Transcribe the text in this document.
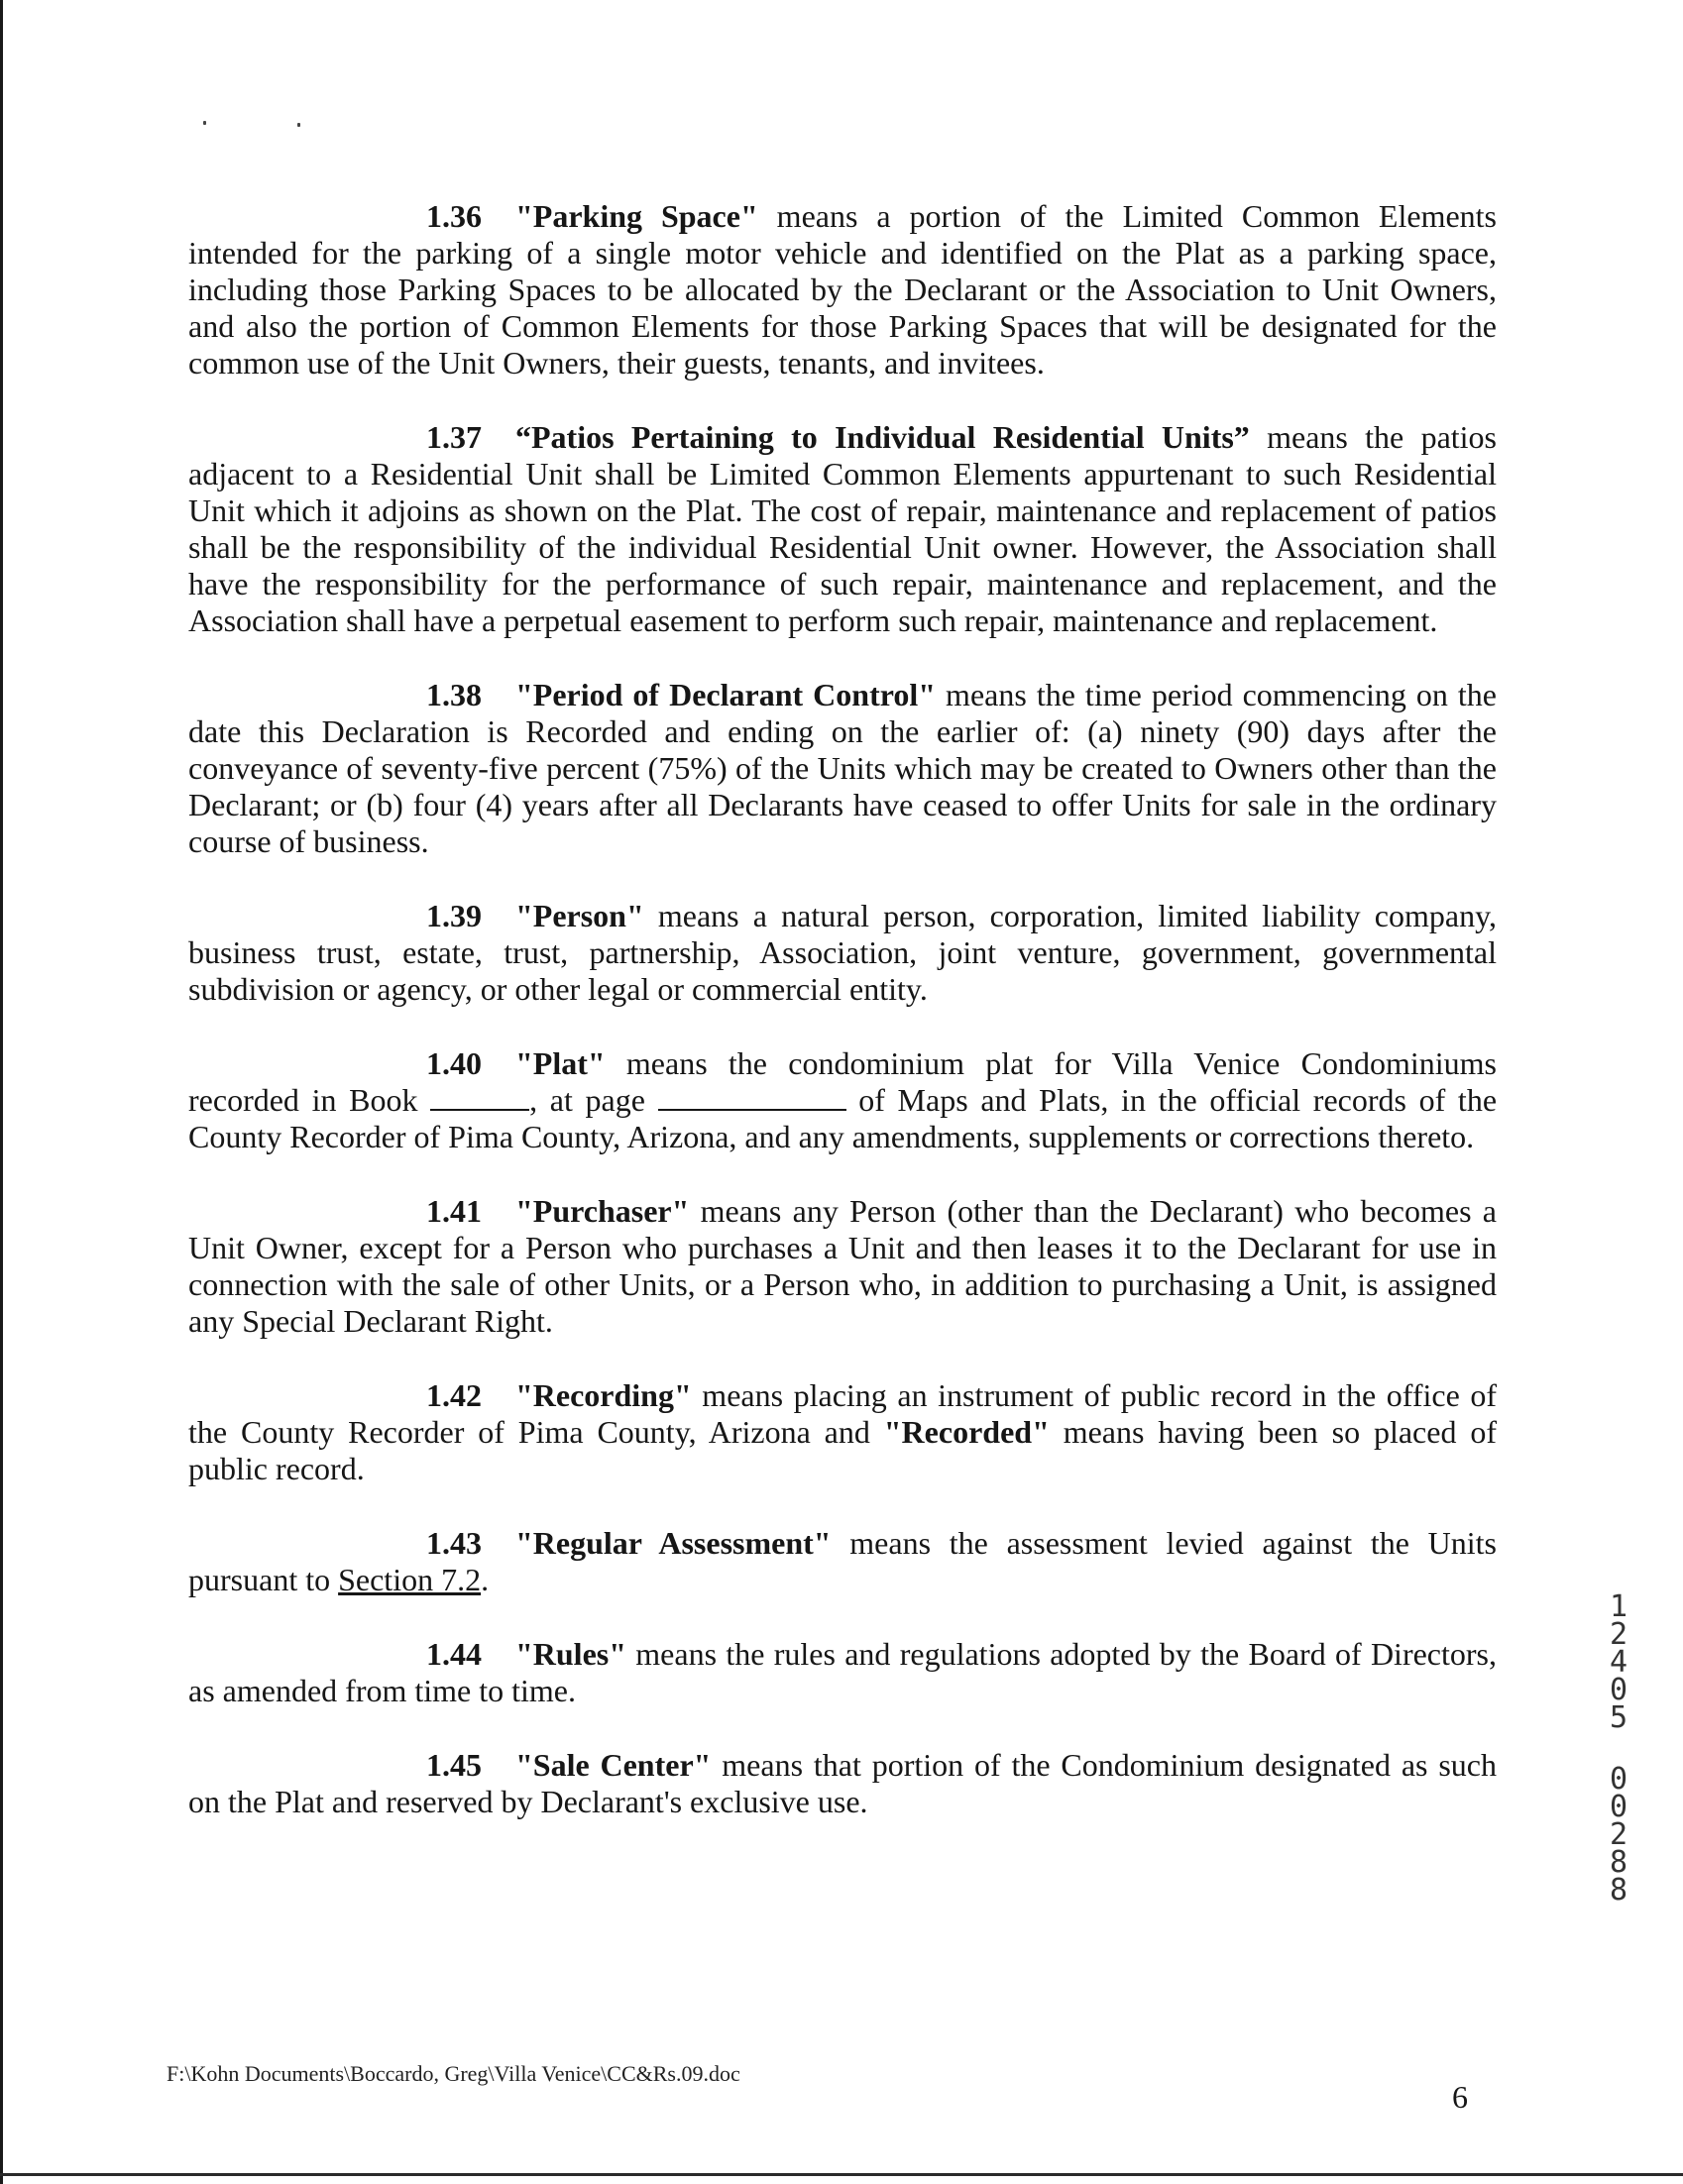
1.36 "Parking Space" means a portion of the Limited Common Elements intended for the parking of a single motor vehicle and identified on the Plat as a parking space, including those Parking Spaces to be allocated by the Declarant or the Association to Unit Owners, and also the portion of Common Elements for those Parking Spaces that will be designated for the common use of the Unit Owners, their guests, tenants, and invitees.

1.37 “Patios Pertaining to Individual Residential Units” means the patios adjacent to a Residential Unit shall be Limited Common Elements appurtenant to such Residential Unit which it adjoins as shown on the Plat. The cost of repair, maintenance and replacement of patios shall be the responsibility of the individual Residential Unit owner. However, the Association shall have the responsibility for the performance of such repair, maintenance and replacement, and the Association shall have a perpetual easement to perform such repair, maintenance and replacement.

1.38 "Period of Declarant Control" means the time period commencing on the date this Declaration is Recorded and ending on the earlier of: (a) ninety (90) days after the conveyance of seventy-five percent (75%) of the Units which may be created to Owners other than the Declarant; or (b) four (4) years after all Declarants have ceased to offer Units for sale in the ordinary course of business.

1.39 "Person" means a natural person, corporation, limited liability company, business trust, estate, trust, partnership, Association, joint venture, government, governmental subdivision or agency, or other legal or commercial entity.

1.40 "Plat" means the condominium plat for Villa Venice Condominiums recorded in Book	, at page	of Maps and Plats, in the official records of the County Recorder of Pima County, Arizona, and any amendments, supplements or corrections thereto.

1.41 "Purchaser" means any Person (other than the Declarant) who becomes a Unit Owner, except for a Person who purchases a Unit and then leases it to the Declarant for use in connection with the sale of other Units, or a Person who, in addition to purchasing a Unit, is assigned any Special Declarant Right.

1.42 "Recording" means placing an instrument of public record in the office of the County Recorder of Pima County, Arizona and "Recorded" means having been so placed of public record.

1.43 "Regular Assessment" means the assessment levied against the Units pursuant to Section 7.2.

1.44 "Rules" means the rules and regulations adopted by the Board of Directors, as amended from time to time.

1.45 "Sale Center" means that portion of the Condominium designated as such on the Plat and reserved by Declarant's exclusive use.

1
2
4
0
5
0
0
2
8
8
F:\Kohn Documents\Boccardo, Greg\Villa Venice\CC&Rs.09.doc
6
